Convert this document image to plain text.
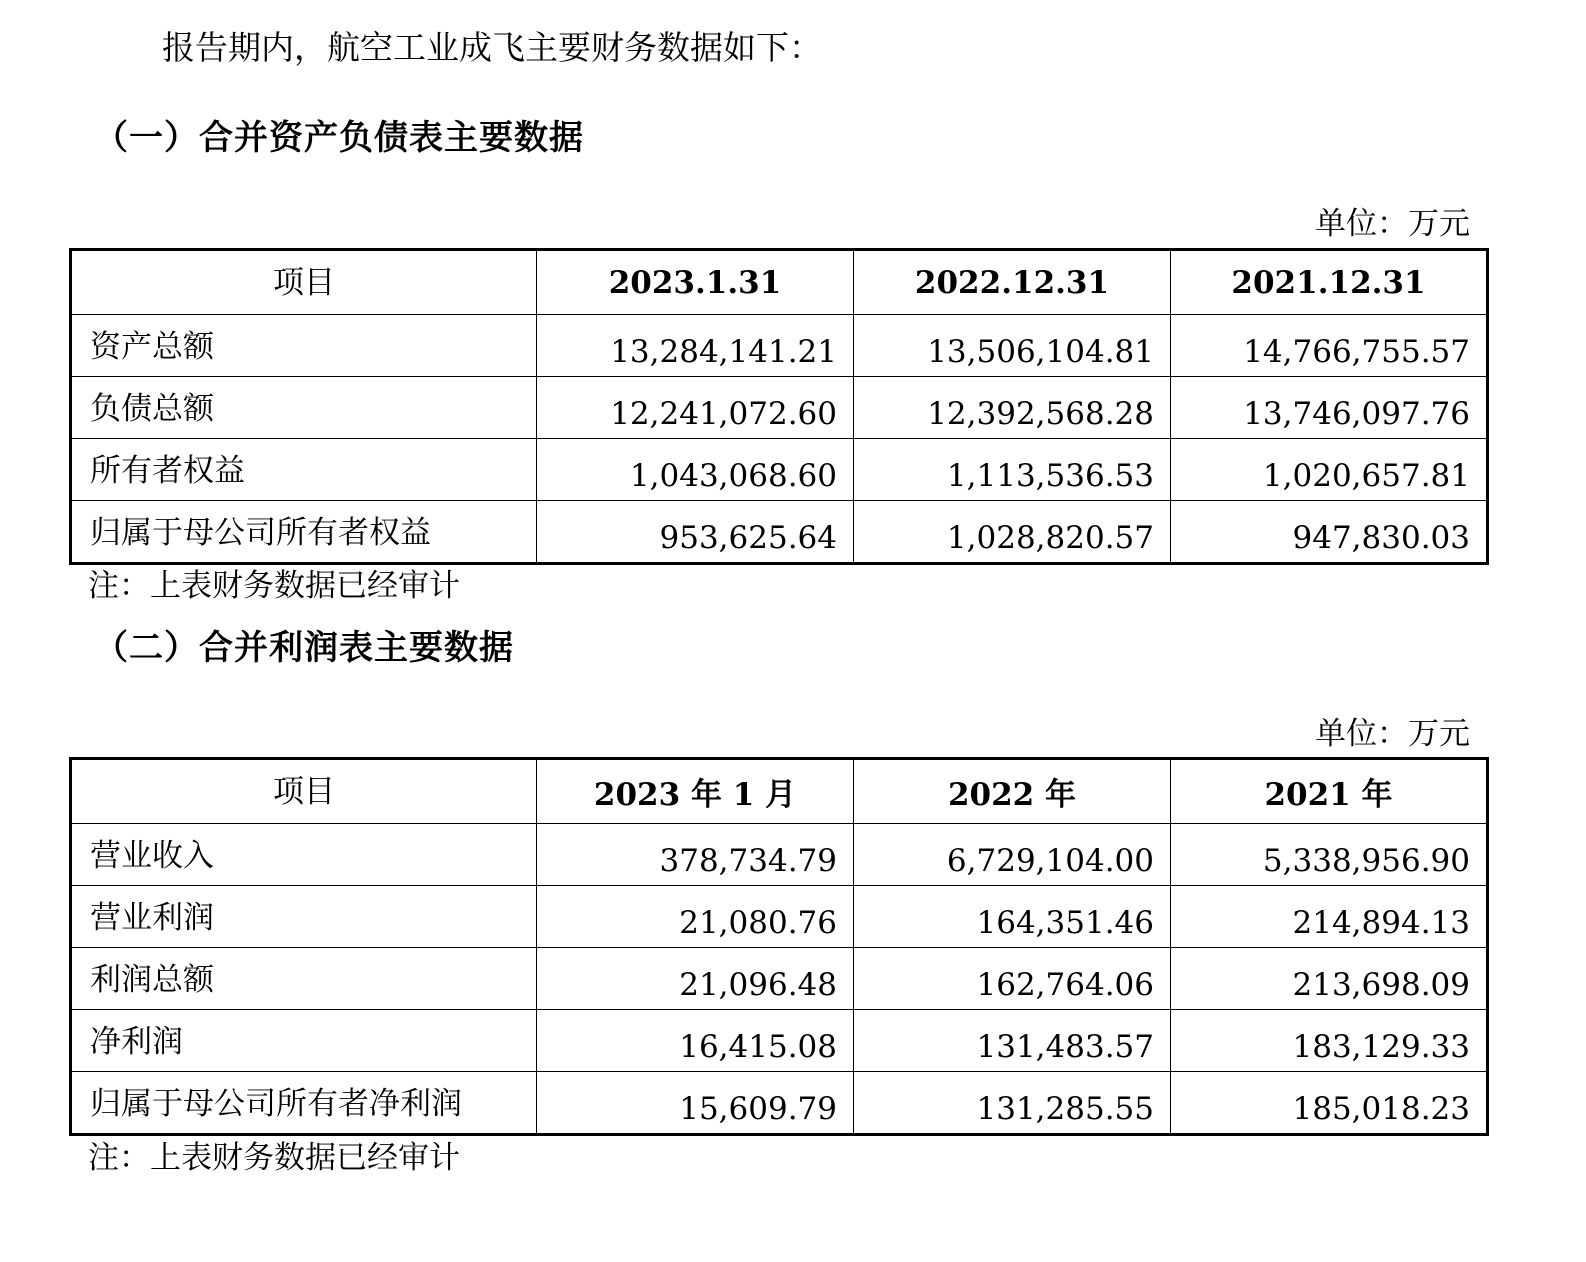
报告期内，航空工业成飞主要财务数据如下：
（一）合并资产负债表主要数据
单位：万元
项目	2023.1.31	2022.12.31	2021.12.31
资产总额	13,284,141.21	13,506,104.81	14,766,755.57
负债总额	12,241,072.60	12,392,568.28	13,746,097.76
所有者权益	1,043,068.60	1,113,536.53	1,020,657.81
归属于母公司所有者权益	953,625.64	1,028,820.57	947,830.03
注：上表财务数据已经审计
（二）合并利润表主要数据
单位：万元
项目	2023 年 1 月	2022 年	2021 年
营业收入	378,734.79	6,729,104.00	5,338,956.90
营业利润	21,080.76	164,351.46	214,894.13
利润总额	21,096.48	162,764.06	213,698.09
净利润	16,415.08	131,483.57	183,129.33
归属于母公司所有者净利润	15,609.79	131,285.55	185,018.23
注：上表财务数据已经审计
